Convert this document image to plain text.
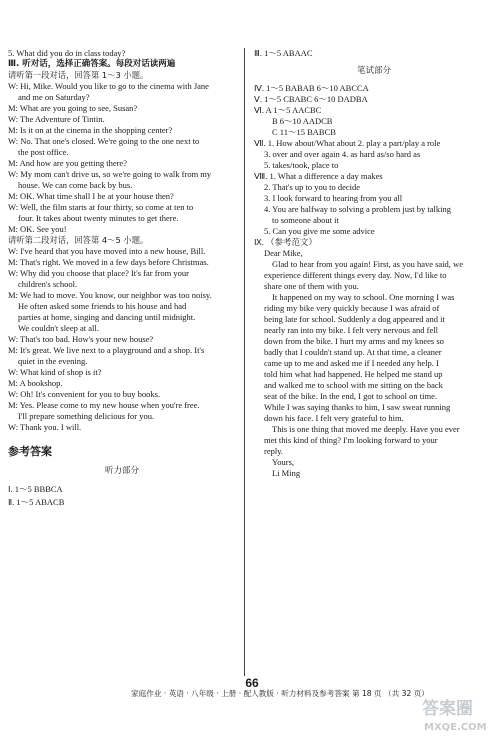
5. What did you do in class today?
Ⅲ. 听对话，选择正确答案。每段对话读两遍
请听第一段对话，回答第 1～3 小题。
W: Hi, Mike. Would you like to go to the cinema with Jane
and me on Saturday?
M: What are you going to see, Susan?
W: The Adventure of Tintin.
M: Is it on at the cinema in the shopping center?
W: No. That one's closed. We're going to the one next to
the post office.
M: And how are you getting there?
W: My mom can't drive us, so we're going to walk from my
house. We can come back by bus.
M: OK. What time shall I be at your house then?
W: Well, the film starts at four thirty, so come at ten to
four. It takes about twenty minutes to get there.
M: OK. See you!
请听第二段对话，回答第 4～5 小题。
W: I've heard that you have moved into a new house, Bill.
M: That's right. We moved in a few days before Christmas.
W: Why did you choose that place? It's far from your
children's school.
M: We had to move. You know, our neighbor was too noisy.
He often asked some friends to his house and had
parties at home, singing and dancing until midnight.
We couldn't sleep at all.
W: That's too bad. How's your new house?
M: It's great. We live next to a playground and a shop. It's
quiet in the evening.
W: What kind of shop is it?
M: A bookshop.
W: Oh! It's convenient for you to buy books.
M: Yes. Please come to my new house when you're free.
I'll prepare something delicious for you.
W: Thank you. I will.
参考答案
听力部分
Ⅰ. 1～5 BBBCA
Ⅱ. 1～5 ABACB
Ⅲ. 1～5 ABAAC
笔试部分
Ⅳ. 1～5 BABAB 6～10 ABCCA
Ⅴ. 1～5 CBABC 6～10 DADBA
Ⅵ. A 1～5 AACBC
B 6～10 AADCB
C 11～15 BABCB
Ⅶ. 1. How about/What about 2. play a part/play a role
3. over and over again 4. as hard as/so hard as
5. takes/took, place to
Ⅷ. 1. What a difference a day makes
2. That's up to you to decide
3. I look forward to hearing from you all
4. You are halfway to solving a problem just by talking
to someone about it
5. Can you give me some advice
Ⅸ. （参考范文）
Dear Mike,
Glad to hear from you again! First, as you have said, we
experience different things every day. Now, I'd like to
share one of them with you.
It happened on my way to school. One morning I was
riding my bike very quickly because I was afraid of
being late for school. Suddenly a dog appeared and it
nearly ran into my bike. I felt very nervous and fell
down from the bike. I hurt my arms and my knees so
badly that I couldn't stand up. At that time, a cleaner
came up to me and asked me if I needed any help. I
told him what had happened. He helped me stand up
and walked me to school with me sitting on the back
seat of the bike. In the end, I got to school on time.
While I was saying thanks to him, I saw sweat running
down his face. I felt very grateful to him.
This is one thing that moved me deeply. Have you ever
met this kind of thing? I'm looking forward to your
reply.
Yours,
Li Ming
66
家庭作业 · 英语 · 八年级 · 上册 · 配人教版 · 听力材料及参考答案 第 18 页 （共 32 页）
答案圈
MXQE.COM
